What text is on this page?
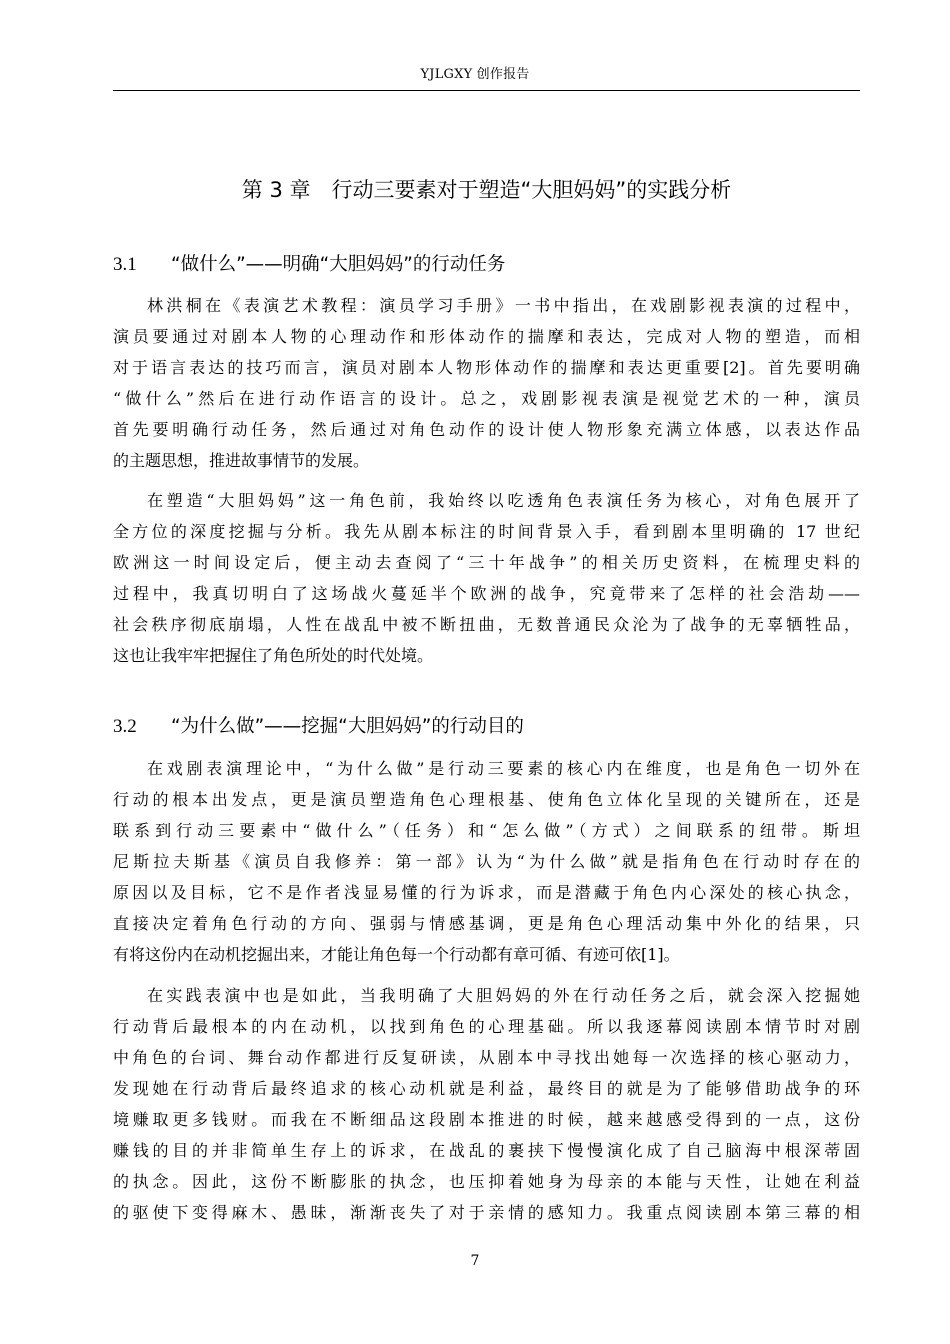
YJLGXY 创作报告
第 3 章　行动三要素对于塑造“大胆妈妈”的实践分析
3.1 “做什么”——明确“大胆妈妈”的行动任务
林洪桐在《表演艺术教程：演员学习手册》一书中指出，在戏剧影视表演的过程中，
演员要通过对剧本人物的心理动作和形体动作的揣摩和表达，完成对人物的塑造，而相
对于语言表达的技巧而言，演员对剧本人物形体动作的揣摩和表达更重要[2]。首先要明确
“做什么”然后在进行动作语言的设计。总之，戏剧影视表演是视觉艺术的一种，演员
首先要明确行动任务，然后通过对角色动作的设计使人物形象充满立体感，以表达作品
的主题思想，推进故事情节的发展。
在塑造“大胆妈妈”这一角色前，我始终以吃透角色表演任务为核心，对角色展开了
全方位的深度挖掘与分析。我先从剧本标注的时间背景入手，看到剧本里明确的 17 世纪
欧洲这一时间设定后，便主动去查阅了“三十年战争”的相关历史资料，在梳理史料的
过程中，我真切明白了这场战火蔓延半个欧洲的战争，究竟带来了怎样的社会浩劫——
社会秩序彻底崩塌，人性在战乱中被不断扭曲，无数普通民众沦为了战争的无辜牺牲品，
这也让我牢牢把握住了角色所处的时代处境。
3.2 “为什么做”——挖掘“大胆妈妈”的行动目的
在戏剧表演理论中，“为什么做”是行动三要素的核心内在维度，也是角色一切外在
行动的根本出发点，更是演员塑造角色心理根基、使角色立体化呈现的关键所在，还是
联系到行动三要素中“做什么”（任务）和“怎么做”（方式）之间联系的纽带。斯坦
尼斯拉夫斯基《演员自我修养：第一部》认为“为什么做”就是指角色在行动时存在的
原因以及目标，它不是作者浅显易懂的行为诉求，而是潜藏于角色内心深处的核心执念，
直接决定着角色行动的方向、强弱与情感基调，更是角色心理活动集中外化的结果，只
有将这份内在动机挖掘出来，才能让角色每一个行动都有章可循、有迹可依[1]。
在实践表演中也是如此，当我明确了大胆妈妈的外在行动任务之后，就会深入挖掘她
行动背后最根本的内在动机，以找到角色的心理基础。所以我逐幕阅读剧本情节时对剧
中角色的台词、舞台动作都进行反复研读，从剧本中寻找出她每一次选择的核心驱动力，
发现她在行动背后最终追求的核心动机就是利益，最终目的就是为了能够借助战争的环
境赚取更多钱财。而我在不断细品这段剧本推进的时候，越来越感受得到的一点，这份
赚钱的目的并非简单生存上的诉求，在战乱的裹挟下慢慢演化成了自己脑海中根深蒂固
的执念。因此，这份不断膨胀的执念，也压抑着她身为母亲的本能与天性，让她在利益
的驱使下变得麻木、愚昧，渐渐丧失了对于亲情的感知力。我重点阅读剧本第三幕的相
7
